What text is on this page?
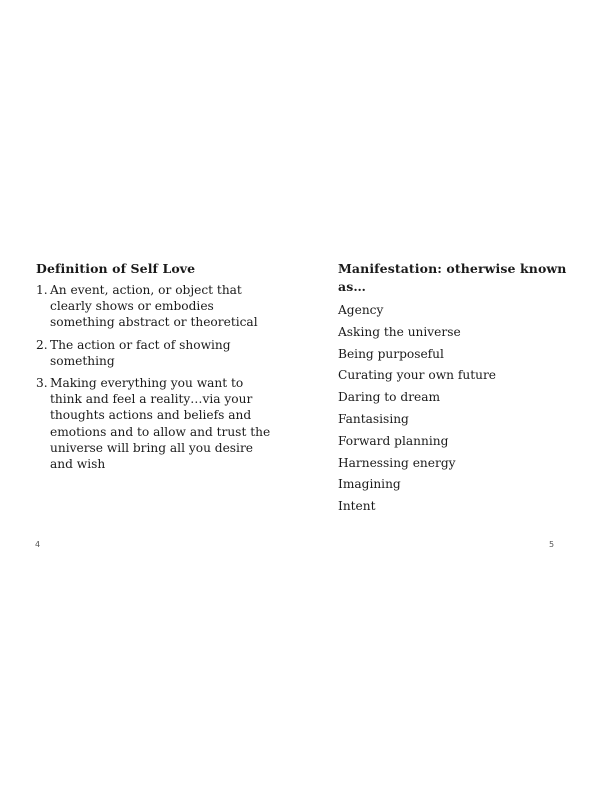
Definition of Self Love
1. An event, action, or object that clearly shows or embodies something abstract or theoretical
2. The action or fact of showing something
3. Making everything you want to think and feel a reality…via your thoughts actions and beliefs and emotions and to allow and trust the universe will bring all you desire and wish
Manifestation: otherwise known as…
Agency
Asking the universe
Being purposeful
Curating your own future
Daring to dream
Fantasising
Forward planning
Harnessing energy
Imagining
Intent
4	5
